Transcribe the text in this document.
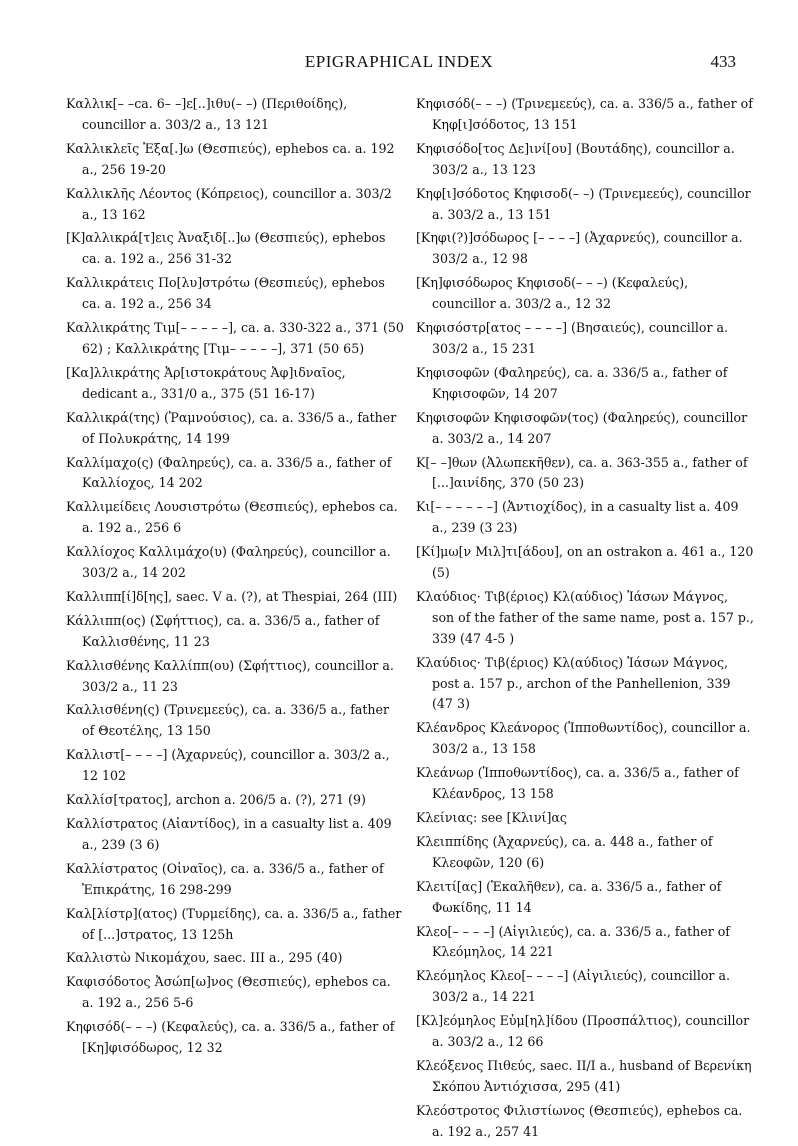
EPIGRAPHICAL INDEX	433

Καλλικ[– –ca. 6– –]ε[..]ιθυ(– –) (Περιθοίδης), councillor a. 303/2 a., 13 121

Καλλικλεῖς Ἐξα[.]ω (Θεσπιεύς), ephebos ca. a. 192 a., 256 19-20

Καλλικλῆς Λέοντος (Κόπρειος), councillor a. 303/2 a., 13 162

[Κ]αλλικρά[τ]εις Ἀναξιδ[..]ω (Θεσπιεύς), ephebos ca. a. 192 a., 256 31-32

Καλλικράτεις Πο[λυ]στρότω (Θεσπιεύς), ephebos ca. a. 192 a., 256 34

Καλλικράτης Τιμ[– – – – –], ca. a. 330-322 a., 371 (50 62) ; Καλλικράτης [Τιμ– – – – –], 371 (50 65)

[Κα]λλικράτης Ἀρ[ιστοκράτους Ἀφ]ιδναῖος, dedicant a., 331/0 a., 375 (51 16-17)

Καλλικρά(της) (Ῥαμνούσιος), ca. a. 336/5 a., father of Πολυκράτης, 14 199

Καλλίμαχο(ς) (Φαληρεύς), ca. a. 336/5 a., father of Καλλίοχος, 14 202

Καλλιμείδεις Λουσιστρότω (Θεσπιεύς), ephebos ca. a. 192 a., 256 6

Καλλίοχος Καλλιμάχο(υ) (Φαληρεύς), councillor a. 303/2 a., 14 202

Καλλιππ[ί]δ[ης], saec. V a. (?), at Thespiai, 264 (III)

Κάλλιππ(ος) (Σφήττιος), ca. a. 336/5 a., father of Καλλισθένης, 11 23

Καλλισθένης Καλλίππ(ου) (Σφήττιος), councillor a. 303/2 a., 11 23

Καλλισθένη(ς) (Τρινεμεεύς), ca. a. 336/5 a., father of Θεοτέλης, 13 150

Καλλιστ[– – – –] (Ἀχαρνεύς), councillor a. 303/2 a., 12 102

Καλλίσ[τρατος], archon a. 206/5 a. (?), 271 (9)

Καλλίστρατος (Αἰαντίδος), in a casualty list a. 409 a., 239 (3 6)

Καλλίστρατος (Οἰναῖος), ca. a. 336/5 a., father of Ἐπικράτης, 16 298-299

Καλ[λίστρ](ατος) (Τυρμείδης), ca. a. 336/5 a., father of [...]στρατος, 13 125h

Καλλιστὼ Νικομάχου, saec. III a., 295 (40)

Καφισόδοτος Ἀσώπ[ω]νος (Θεσπιεύς), ephebos ca. a. 192 a., 256 5-6

Κηφισόδ(– – –) (Κεφαλεύς), ca. a. 336/5 a., father of [Κη]φισόδωρος, 12 32

Κηφισόδ(– – –) (Τρινεμεεύς), ca. a. 336/5 a., father of Κηφ[ι]σόδοτος, 13 151

Κηφισόδο[τος Δε]ινί[ου] (Βουτάδης), councillor a. 303/2 a., 13 123

Κηφ[ι]σόδοτος Κηφισοδ(– –) (Τρινεμεεύς), councillor a. 303/2 a., 13 151

[Κηφι(?)]σόδωρος [– – – –] (Ἀχαρνεύς), councillor a. 303/2 a., 12 98

[Κη]φισόδωρος Κηφισοδ(– – –) (Κεφαλεύς), councillor a. 303/2 a., 12 32

Κηφισόστρ[ατος – – – –] (Βησαιεύς), councillor a. 303/2 a., 15 231

Κηφισοφῶν (Φαληρεύς), ca. a. 336/5 a., father of Κηφισοφῶν, 14 207

Κηφισοφῶν Κηφισοφῶν(τος) (Φαληρεύς), councillor a. 303/2 a., 14 207

Κ[– –]θων (Ἀλωπεκῆθεν), ca. a. 363-355 a., father of [...]αινίδης, 370 (50 23)

Κι[– – – – – –] (Ἀντιοχίδος), in a casualty list a. 409 a., 239 (3 23)

[Κί]μω[ν Μιλ]τι[άδου], on an ostrakon a. 461 a., 120 (5)

Κλαύδιος· Τιβ(έριος) Κλ(αύδιος) Ἰάσων Μάγνος, son of the father of the same name, post a. 157 p., 339 (47 4-5 )

Κλαύδιος· Τιβ(έριος) Κλ(αύδιος) Ἰάσων Μάγνος, post a. 157 p., archon of the Panhellenion, 339 (47 3)

Κλέανδρος Κλεάνορος (Ἱπποθωντίδος), councillor a. 303/2 a., 13 158

Κλεάνωρ (Ἱπποθωντίδος), ca. a. 336/5 a., father of Κλέανδρος, 13 158

Κλείνιας: see [Κλινί]ας

Κλειππίδης (Ἀχαρνεύς), ca. a. 448 a., father of Κλεοφῶν, 120 (6)

Κλειτί[ας] (Ἐκαλῆθεν), ca. a. 336/5 a., father of Φωκίδης, 11 14

Κλεο[– – – –] (Αἰγιλιεύς), ca. a. 336/5 a., father of Κλεόμηλος, 14 221

Κλεόμηλος Κλεο[– – – –] (Αἰγιλιεύς), councillor a. 303/2 a., 14 221

[Κλ]εόμηλος Εὐμ[ηλ]ίδου (Προσπάλτιος), councillor a. 303/2 a., 12 66

Κλεόξενος Πιθεύς, saec. II/I a., husband of Βερενίκη Σκόπου Ἀντιόχισσα, 295 (41)

Κλεόστροτος Φιλιστίωνος (Θεσπιεύς), ephebos ca. a. 192 a., 257 41
